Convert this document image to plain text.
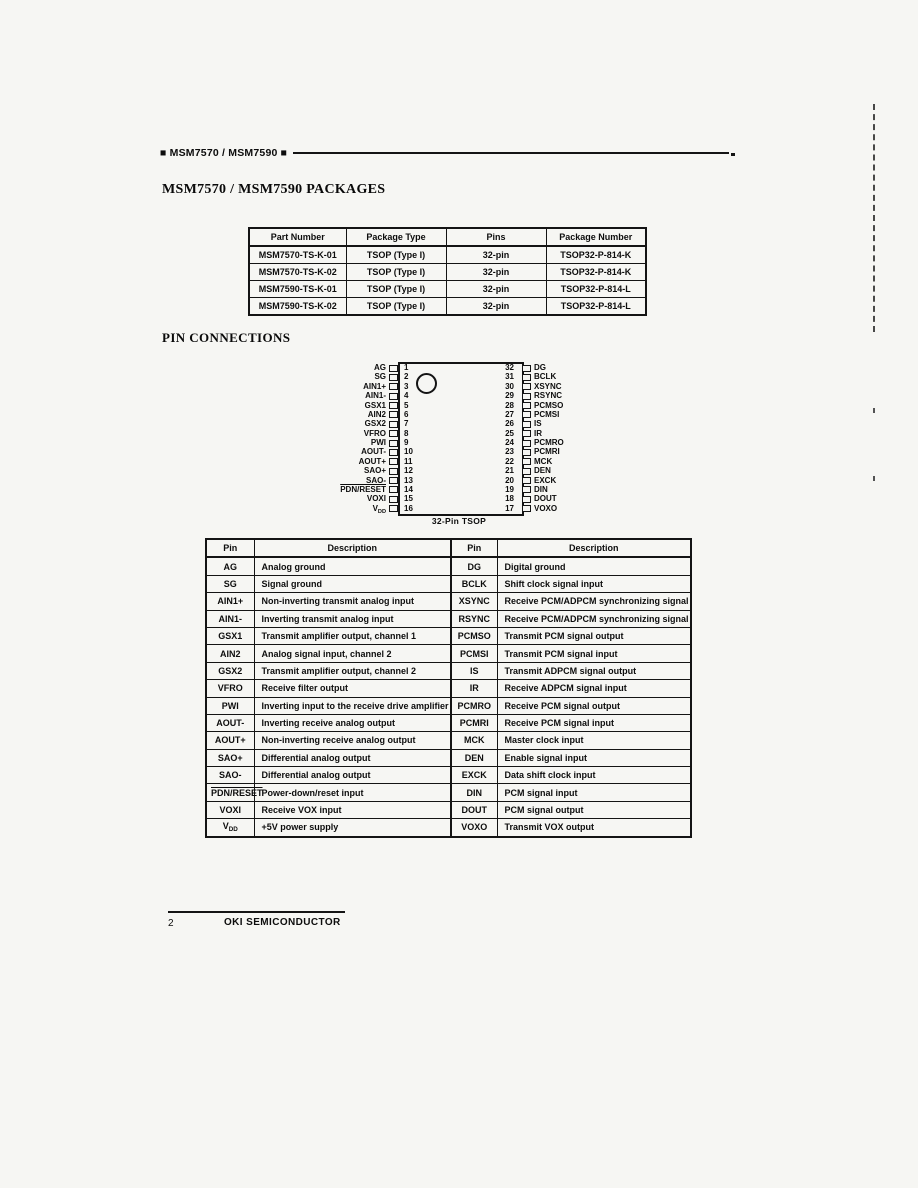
■ MSM7570 / MSM7590 ■
MSM7570 / MSM7590 PACKAGES
PIN CONNECTIONS
Part Number	Package Type	Pins	Package Number
MSM7570-TS-K-01	TSOP (Type I)	32-pin	TSOP32-P-814-K
MSM7570-TS-K-02	TSOP (Type I)	32-pin	TSOP32-P-814-K
MSM7590-TS-K-01	TSOP (Type I)	32-pin	TSOP32-P-814-L
MSM7590-TS-K-02	TSOP (Type I)	32-pin	TSOP32-P-814-L
AG 1
SG 2
AIN1+ 3
AIN1- 4
GSX1 5
AIN2 6
GSX2 7
VFRO 8
PWI 9
AOUT- 10
AOUT+ 11
SAO+ 12
SAO- 13
PDN/RESET 14
VOXI 15
$V_{DD}$ 16
32	DG
31	BCLK
30	XSYNC
29	RSYNC
28	PCMSO
27	PCMSI
26	IS
25	IR
24	PCMRO
23	PCMRI
22	MCK
21	DEN
20	EXCK
19	DIN
18	DOUT
17	VOXO
32-Pin TSOP
Pin	Description	Pin	Description
AG	Analog ground	DG	Digital ground
SG	Signal ground	BCLK	Shift clock signal input
AIN1+	Non-inverting transmit analog input	XSYNC	Receive PCM/ADPCM synchronizing signal
AIN1-	Inverting transmit analog input	RSYNC	Receive PCM/ADPCM synchronizing signal
GSX1	Transmit amplifier output, channel 1	PCMSO	Transmit PCM signal output
AIN2	Analog signal input, channel 2	PCMSI	Transmit PCM signal input
GSX2	Transmit amplifier output, channel 2	IS	Transmit ADPCM signal output
VFRO	Receive filter output	IR	Receive ADPCM signal input
PWI	Inverting input to the receive drive amplifier	PCMRO	Receive PCM signal output
AOUT-	Inverting receive analog output	PCMRI	Receive PCM signal input
AOUT+	Non-inverting receive analog output	MCK	Master clock input
SAO+	Differential analog output	DEN	Enable signal input
SAO-	Differential analog output	EXCK	Data shift clock input
PDN/RESET	Power-down/reset input	DIN	PCM signal input
VOXI	Receive VOX input	DOUT	PCM signal output
$V_{DD}$	+5V power supply	VOXO	Transmit VOX output
2	OKI SEMICONDUCTOR
